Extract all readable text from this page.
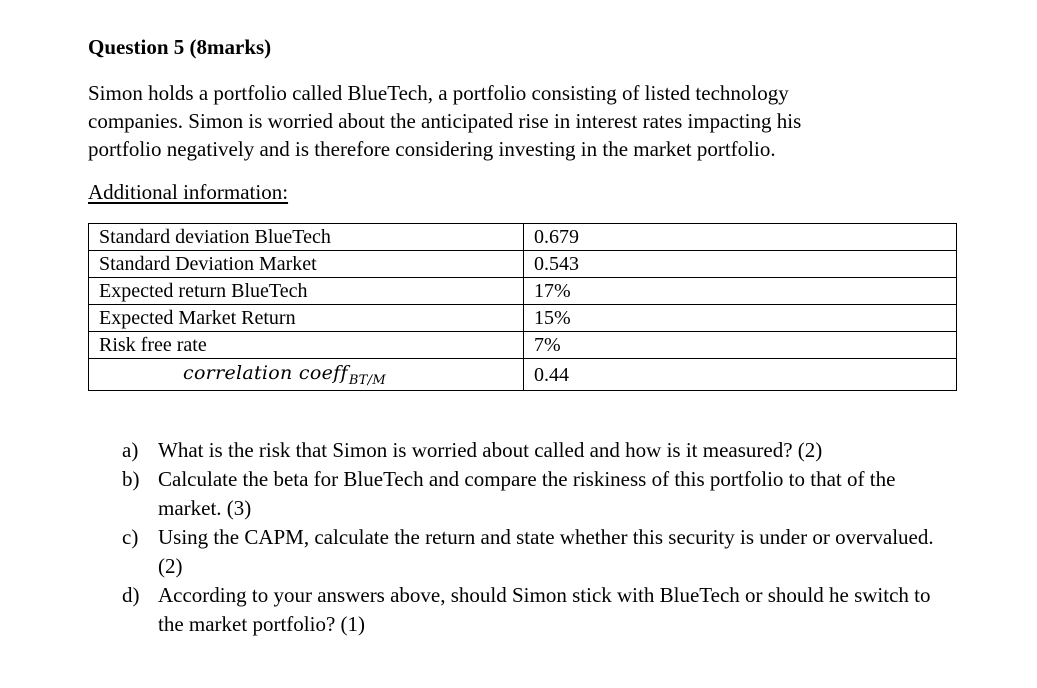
Question 5 (8marks)

Simon holds a portfolio called BlueTech, a portfolio consisting of listed technology

companies. Simon is worried about the anticipated rise in interest rates impacting his

portfolio negatively and is therefore considering investing in the market portfolio.

Additional information:
Standard deviation BlueTech	0.679
Standard Deviation Market	0.543
Expected return BlueTech	17%
Expected Market Return	15%
Risk free rate	7%

correlation coeff$_{BT/M}$	0.44
a) What is the risk that Simon is worried about called and how is it measured? (2)
b) Calculate the beta for BlueTech and compare the riskiness of this portfolio to that of the market. (3)
c) Using the CAPM, calculate the return and state whether this security is under or overvalued. (2)
d) According to your answers above, should Simon stick with BlueTech or should he switch to the market portfolio? (1)
